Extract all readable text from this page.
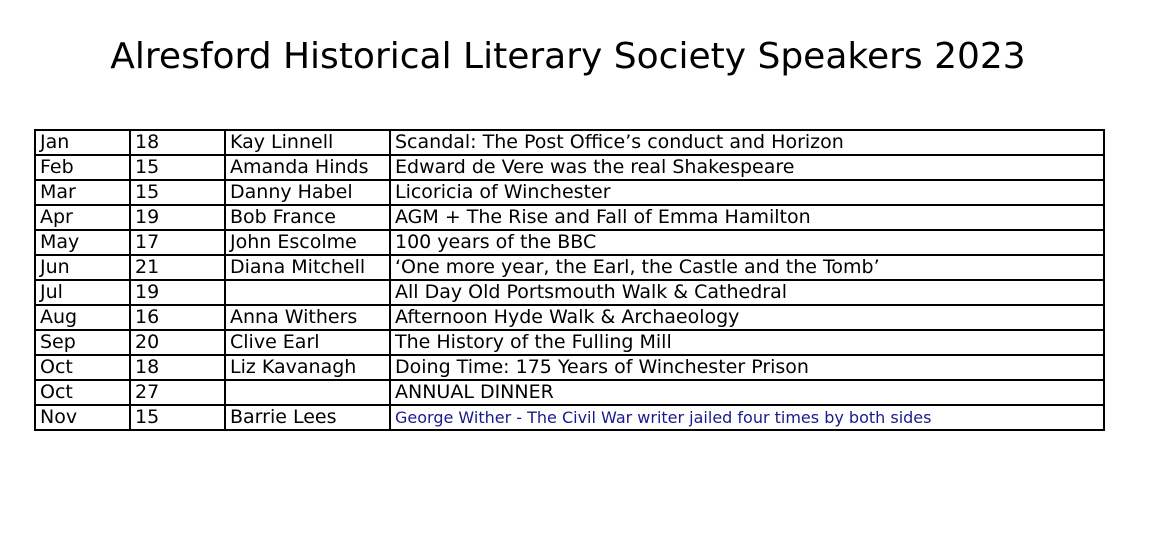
Alresford Historical Literary Society Speakers 2023
Jan	18	Kay Linnell	Scandal: The Post Office’s conduct and Horizon
Feb	15	Amanda Hinds	Edward de Vere was the real Shakespeare
Mar	15	Danny Habel	Licoricia of Winchester
Apr	19	Bob France	AGM + The Rise and Fall of Emma Hamilton
May	17	John Escolme	100 years of the BBC
Jun	21	Diana Mitchell	‘One more year, the Earl, the Castle and the Tomb’
Jul	19		All Day Old Portsmouth Walk & Cathedral
Aug	16	Anna Withers	Afternoon Hyde Walk & Archaeology
Sep	20	Clive Earl	The History of the Fulling Mill
Oct	18	Liz Kavanagh	Doing Time: 175 Years of Winchester Prison
Oct	27		ANNUAL DINNER
Nov	15	Barrie Lees	George Wither - The Civil War writer jailed four times by both sides
